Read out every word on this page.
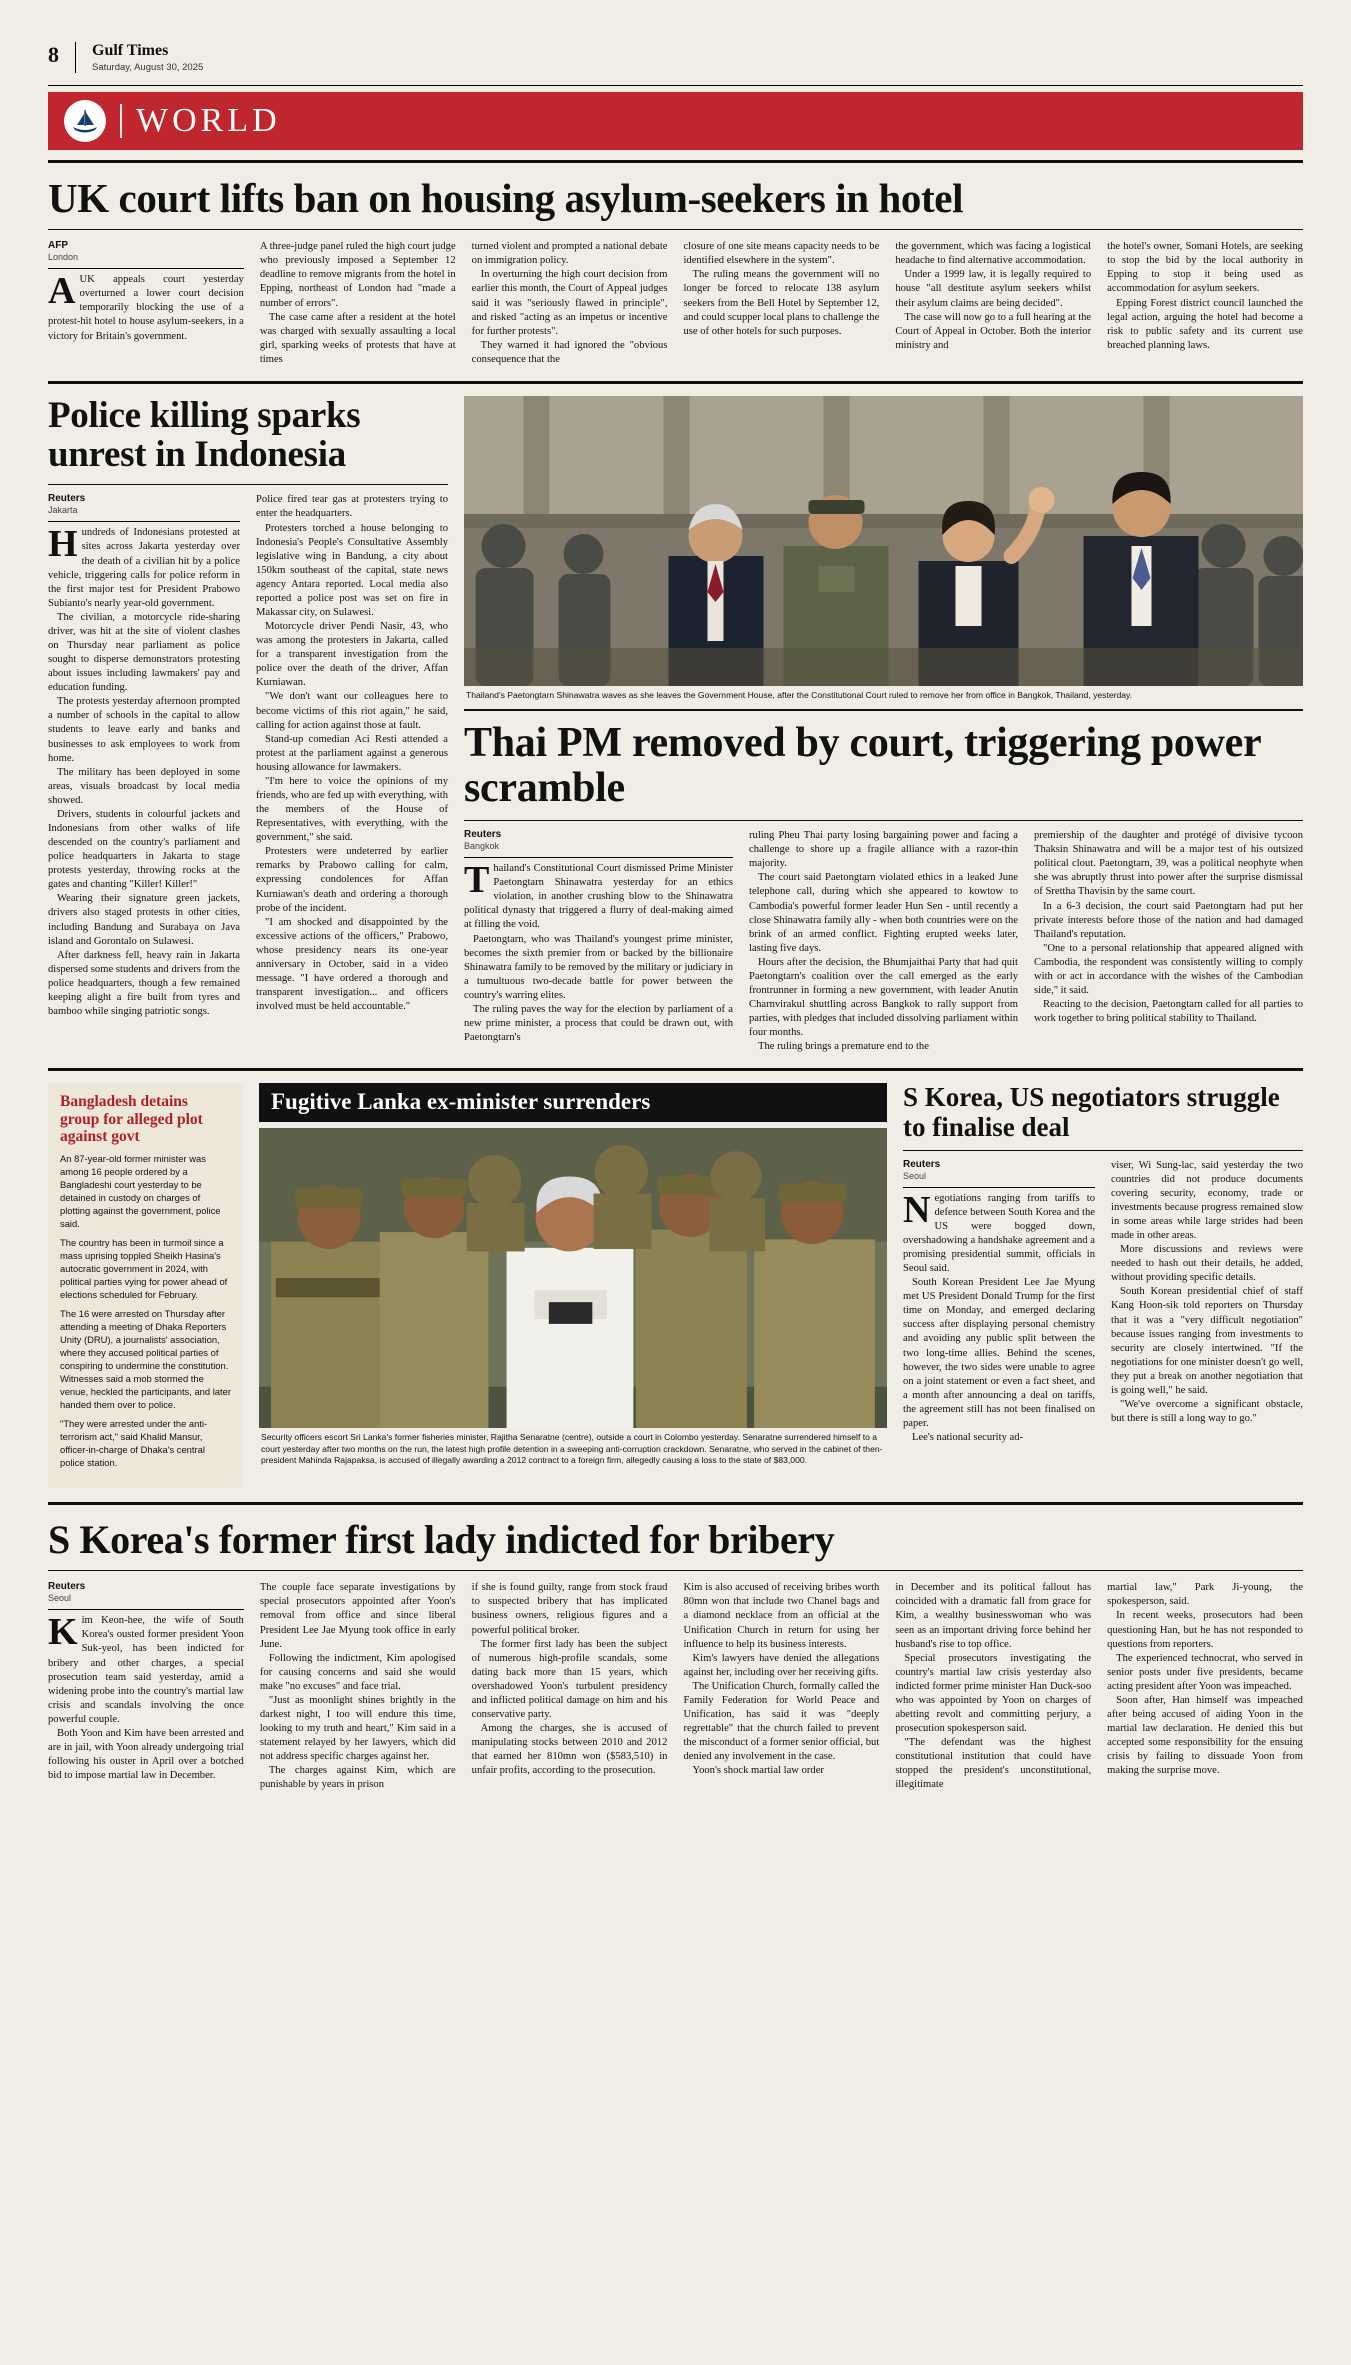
8 Gulf Times
Saturday, August 30, 2025
WORLD
UK court lifts ban on housing asylum-seekers in hotel
AFP
London

AUK appeals court yesterday overturned a lower court decision temporarily blocking the use of a protest-hit hotel to house asylum-seekers, in a victory for Britain's government.

A three-judge panel ruled the high court judge who previously imposed a September 12 deadline to remove migrants from the hotel in Epping, northeast of London had "made a number of errors".

The case came after a resident at the hotel was charged with sexually assaulting a local girl, sparking weeks of protests that have at times

turned violent and prompted a national debate on immigration policy.

In overturning the high court decision from earlier this month, the Court of Appeal judges said it was "seriously flawed in principle", and risked "acting as an impetus or incentive for further protests".

They warned it had ignored the "obvious consequence that the

closure of one site means capacity needs to be identified elsewhere in the system".

The ruling means the government will no longer be forced to relocate 138 asylum seekers from the Bell Hotel by September 12, and could scupper local plans to challenge the use of other hotels for such purposes.

the government, which was facing a logistical headache to find alternative accommodation.

Under a 1999 law, it is legally required to house "all destitute asylum seekers whilst their asylum claims are being decided".

The case will now go to a full hearing at the Court of Appeal in October. Both the interior ministry and

the hotel's owner, Somani Hotels, are seeking to stop the bid by the local authority in Epping to stop it being used as accommodation for asylum seekers.

Epping Forest district council launched the legal action, arguing the hotel had become a risk to public safety and its current use breached planning laws.

Police killing sparks unrest in Indonesia
Reuters
Jakarta

Hundreds of Indonesians protested at sites across Jakarta yesterday over the death of a civilian hit by a police vehicle, triggering calls for police reform in the first major test for President Prabowo Subianto's nearly year-old government.

The civilian, a motorcycle ride-sharing driver, was hit at the site of violent clashes on Thursday near parliament as police sought to disperse demonstrators protesting about issues including lawmakers' pay and education funding.

The protests yesterday afternoon prompted a number of schools in the capital to allow students to leave early and banks and businesses to ask employees to work from home.

The military has been deployed in some areas, visuals broadcast by local media showed.

Drivers, students in colourful jackets and Indonesians from other walks of life descended on the country's parliament and police headquarters in Jakarta to stage protests yesterday, throwing rocks at the gates and chanting "Killer! Killer!"

Wearing their signature green jackets, drivers also staged protests in other cities, including Bandung and Surabaya on Java island and Gorontalo on Sulawesi.

After darkness fell, heavy rain in Jakarta dispersed some students and drivers from the police headquarters, though a few remained keeping alight a fire built from tyres and bamboo while singing patriotic songs.

Police fired tear gas at protesters trying to enter the headquarters.

Protesters torched a house belonging to Indonesia's People's Consultative Assembly legislative wing in Bandung, a city about 150km southeast of the capital, state news agency Antara reported. Local media also reported a police post was set on fire in Makassar city, on Sulawesi.

Motorcycle driver Pendi Nasir, 43, who was among the protesters in Jakarta, called for a transparent investigation from the police over the death of the driver, Affan Kurniawan.

"We don't want our colleagues here to become victims of this riot again," he said, calling for action against those at fault.

Stand-up comedian Aci Resti attended a protest at the parliament against a generous housing allowance for lawmakers.

"I'm here to voice the opinions of my friends, who are fed up with everything, with the members of the House of Representatives, with everything, with the government," she said.

Protesters were undeterred by earlier remarks by Prabowo calling for calm, expressing condolences for Affan Kurniawan's death and ordering a thorough probe of the incident.

"I am shocked and disappointed by the excessive actions of the officers," Prabowo, whose presidency nears its one-year anniversary in October, said in a video message. "I have ordered a thorough and transparent investigation... and officers involved must be held accountable."

Thailand's Paetongtarn Shinawatra waves as she leaves the Government House, after the Constitutional Court ruled to remove her from office in Bangkok, Thailand, yesterday.
Thai PM removed by court, triggering power scramble
Reuters
Bangkok

Thailand's Constitutional Court dismissed Prime Minister Paetongtarn Shinawatra yesterday for an ethics violation, in another crushing blow to the Shinawatra political dynasty that triggered a flurry of deal-making aimed at filling the void.

Paetongtarn, who was Thailand's youngest prime minister, becomes the sixth premier from or backed by the billionaire Shinawatra family to be removed by the military or judiciary in a tumultuous two-decade battle for power between the country's warring elites.

The ruling paves the way for the election by parliament of a new prime minister, a process that could be drawn out, with Paetongtarn's

ruling Pheu Thai party losing bargaining power and facing a challenge to shore up a fragile alliance with a razor-thin majority.

The court said Paetongtarn violated ethics in a leaked June telephone call, during which she appeared to kowtow to Cambodia's powerful former leader Hun Sen - until recently a close Shinawatra family ally - when both countries were on the brink of an armed conflict. Fighting erupted weeks later, lasting five days.

Hours after the decision, the Bhumjaithai Party that had quit Paetongtarn's coalition over the call emerged as the early frontrunner in forming a new government, with leader Anutin Charnvirakul shuttling across Bangkok to rally support from parties, with pledges that included dissolving parliament within four months.

The ruling brings a premature end to the

premiership of the daughter and protégé of divisive tycoon Thaksin Shinawatra and will be a major test of his outsized political clout. Paetongtarn, 39, was a political neophyte when she was abruptly thrust into power after the surprise dismissal of Srettha Thavisin by the same court.

In a 6-3 decision, the court said Paetongtarn had put her private interests before those of the nation and had damaged Thailand's reputation.

"One to a personal relationship that appeared aligned with Cambodia, the respondent was consistently willing to comply with or act in accordance with the wishes of the Cambodian side," it said.

Reacting to the decision, Paetongtarn called for all parties to work together to bring political stability to Thailand.

Bangladesh detains group for alleged plot against govt

An 87-year-old former minister was among 16 people ordered by a Bangladeshi court yesterday to be detained in custody on charges of plotting against the government, police said.

The country has been in turmoil since a mass uprising toppled Sheikh Hasina's autocratic government in 2024, with political parties vying for power ahead of elections scheduled for February.

The 16 were arrested on Thursday after attending a meeting of Dhaka Reporters Unity (DRU), a journalists' association, where they accused political parties of conspiring to undermine the constitution. Witnesses said a mob stormed the venue, heckled the participants, and later handed them over to police.

"They were arrested under the anti-terrorism act," said Khalid Mansur, officer-in-charge of Dhaka's central police station.

Fugitive Lanka ex-minister surrenders
Security officers escort Sri Lanka's former fisheries minister, Rajitha Senaratne (centre), outside a court in Colombo yesterday. Senaratne surrendered himself to a court yesterday after two months on the run, the latest high profile detention in a sweeping anti-corruption crackdown. Senaratne, who served in the cabinet of then-president Mahinda Rajapaksa, is accused of illegally awarding a 2012 contract to a foreign firm, allegedly causing a loss to the state of $83,000.
S Korea, US negotiators struggle to finalise deal
Reuters
Seoul

Negotiations ranging from tariffs to defence between South Korea and the US were bogged down, overshadowing a handshake agreement and a promising presidential summit, officials in Seoul said.

South Korean President Lee Jae Myung met US President Donald Trump for the first time on Monday, and emerged declaring success after displaying personal chemistry and avoiding any public split between the two long-time allies. Behind the scenes, however, the two sides were unable to agree on a joint statement or even a fact sheet, and a month after announcing a deal on tariffs, the agreement still has not been finalised on paper.

Lee's national security ad-

viser, Wi Sung-lac, said yesterday the two countries did not produce documents covering security, economy, trade or investments because progress remained slow in some areas while large strides had been made in other areas.

More discussions and reviews were needed to hash out their details, he added, without providing specific details.

South Korean presidential chief of staff Kang Hoon-sik told reporters on Thursday that it was a "very difficult negotiation" because issues ranging from investments to security are closely intertwined. "If the negotiations for one minister doesn't go well, they put a break on another negotiation that is going well," he said.

"We've overcome a significant obstacle, but there is still a long way to go."

S Korea's former first lady indicted for bribery
Reuters
Seoul

Kim Keon-hee, the wife of South Korea's ousted former president Yoon Suk-yeol, has been indicted for bribery and other charges, a special prosecution team said yesterday, amid a widening probe into the country's martial law crisis and scandals involving the once powerful couple.

Both Yoon and Kim have been arrested and are in jail, with Yoon already undergoing trial following his ouster in April over a botched bid to impose martial law in December.

The couple face separate investigations by special prosecutors appointed after Yoon's removal from office and since liberal President Lee Jae Myung took office in early June.

Following the indictment, Kim apologised for causing concerns and said she would make "no excuses" and face trial.

"Just as moonlight shines brightly in the darkest night, I too will endure this time, looking to my truth and heart," Kim said in a statement relayed by her lawyers, which did not address specific charges against her.

The charges against Kim, which are punishable by years in prison

if she is found guilty, range from stock fraud to suspected bribery that has implicated business owners, religious figures and a powerful political broker.

The former first lady has been the subject of numerous high-profile scandals, some dating back more than 15 years, which overshadowed Yoon's turbulent presidency and inflicted political damage on him and his conservative party.

Among the charges, she is accused of manipulating stocks between 2010 and 2012 that earned her 810mn won ($583,510) in unfair profits, according to the prosecution.

Kim is also accused of receiving bribes worth 80mn won that include two Chanel bags and a diamond necklace from an official at the Unification Church in return for using her influence to help its business interests.

Kim's lawyers have denied the allegations against her, including over her receiving gifts.

The Unification Church, formally called the Family Federation for World Peace and Unification, has said it was "deeply regrettable" that the church failed to prevent the misconduct of a former senior official, but denied any involvement in the case.

Yoon's shock martial law order

in December and its political fallout has coincided with a dramatic fall from grace for Kim, a wealthy businesswoman who was seen as an important driving force behind her husband's rise to top office.

Special prosecutors investigating the country's martial law crisis yesterday also indicted former prime minister Han Duck-soo who was appointed by Yoon on charges of abetting revolt and committing perjury, a prosecution spokesperson said.

"The defendant was the highest constitutional institution that could have stopped the president's unconstitutional, illegitimate

martial law," Park Ji-young, the spokesperson, said.

In recent weeks, prosecutors had been questioning Han, but he has not responded to questions from reporters.

The experienced technocrat, who served in senior posts under five presidents, became acting president after Yoon was impeached.

Soon after, Han himself was impeached after being accused of aiding Yoon in the martial law declaration. He denied this but accepted some responsibility for the ensuing crisis by failing to dissuade Yoon from making the surprise move.
